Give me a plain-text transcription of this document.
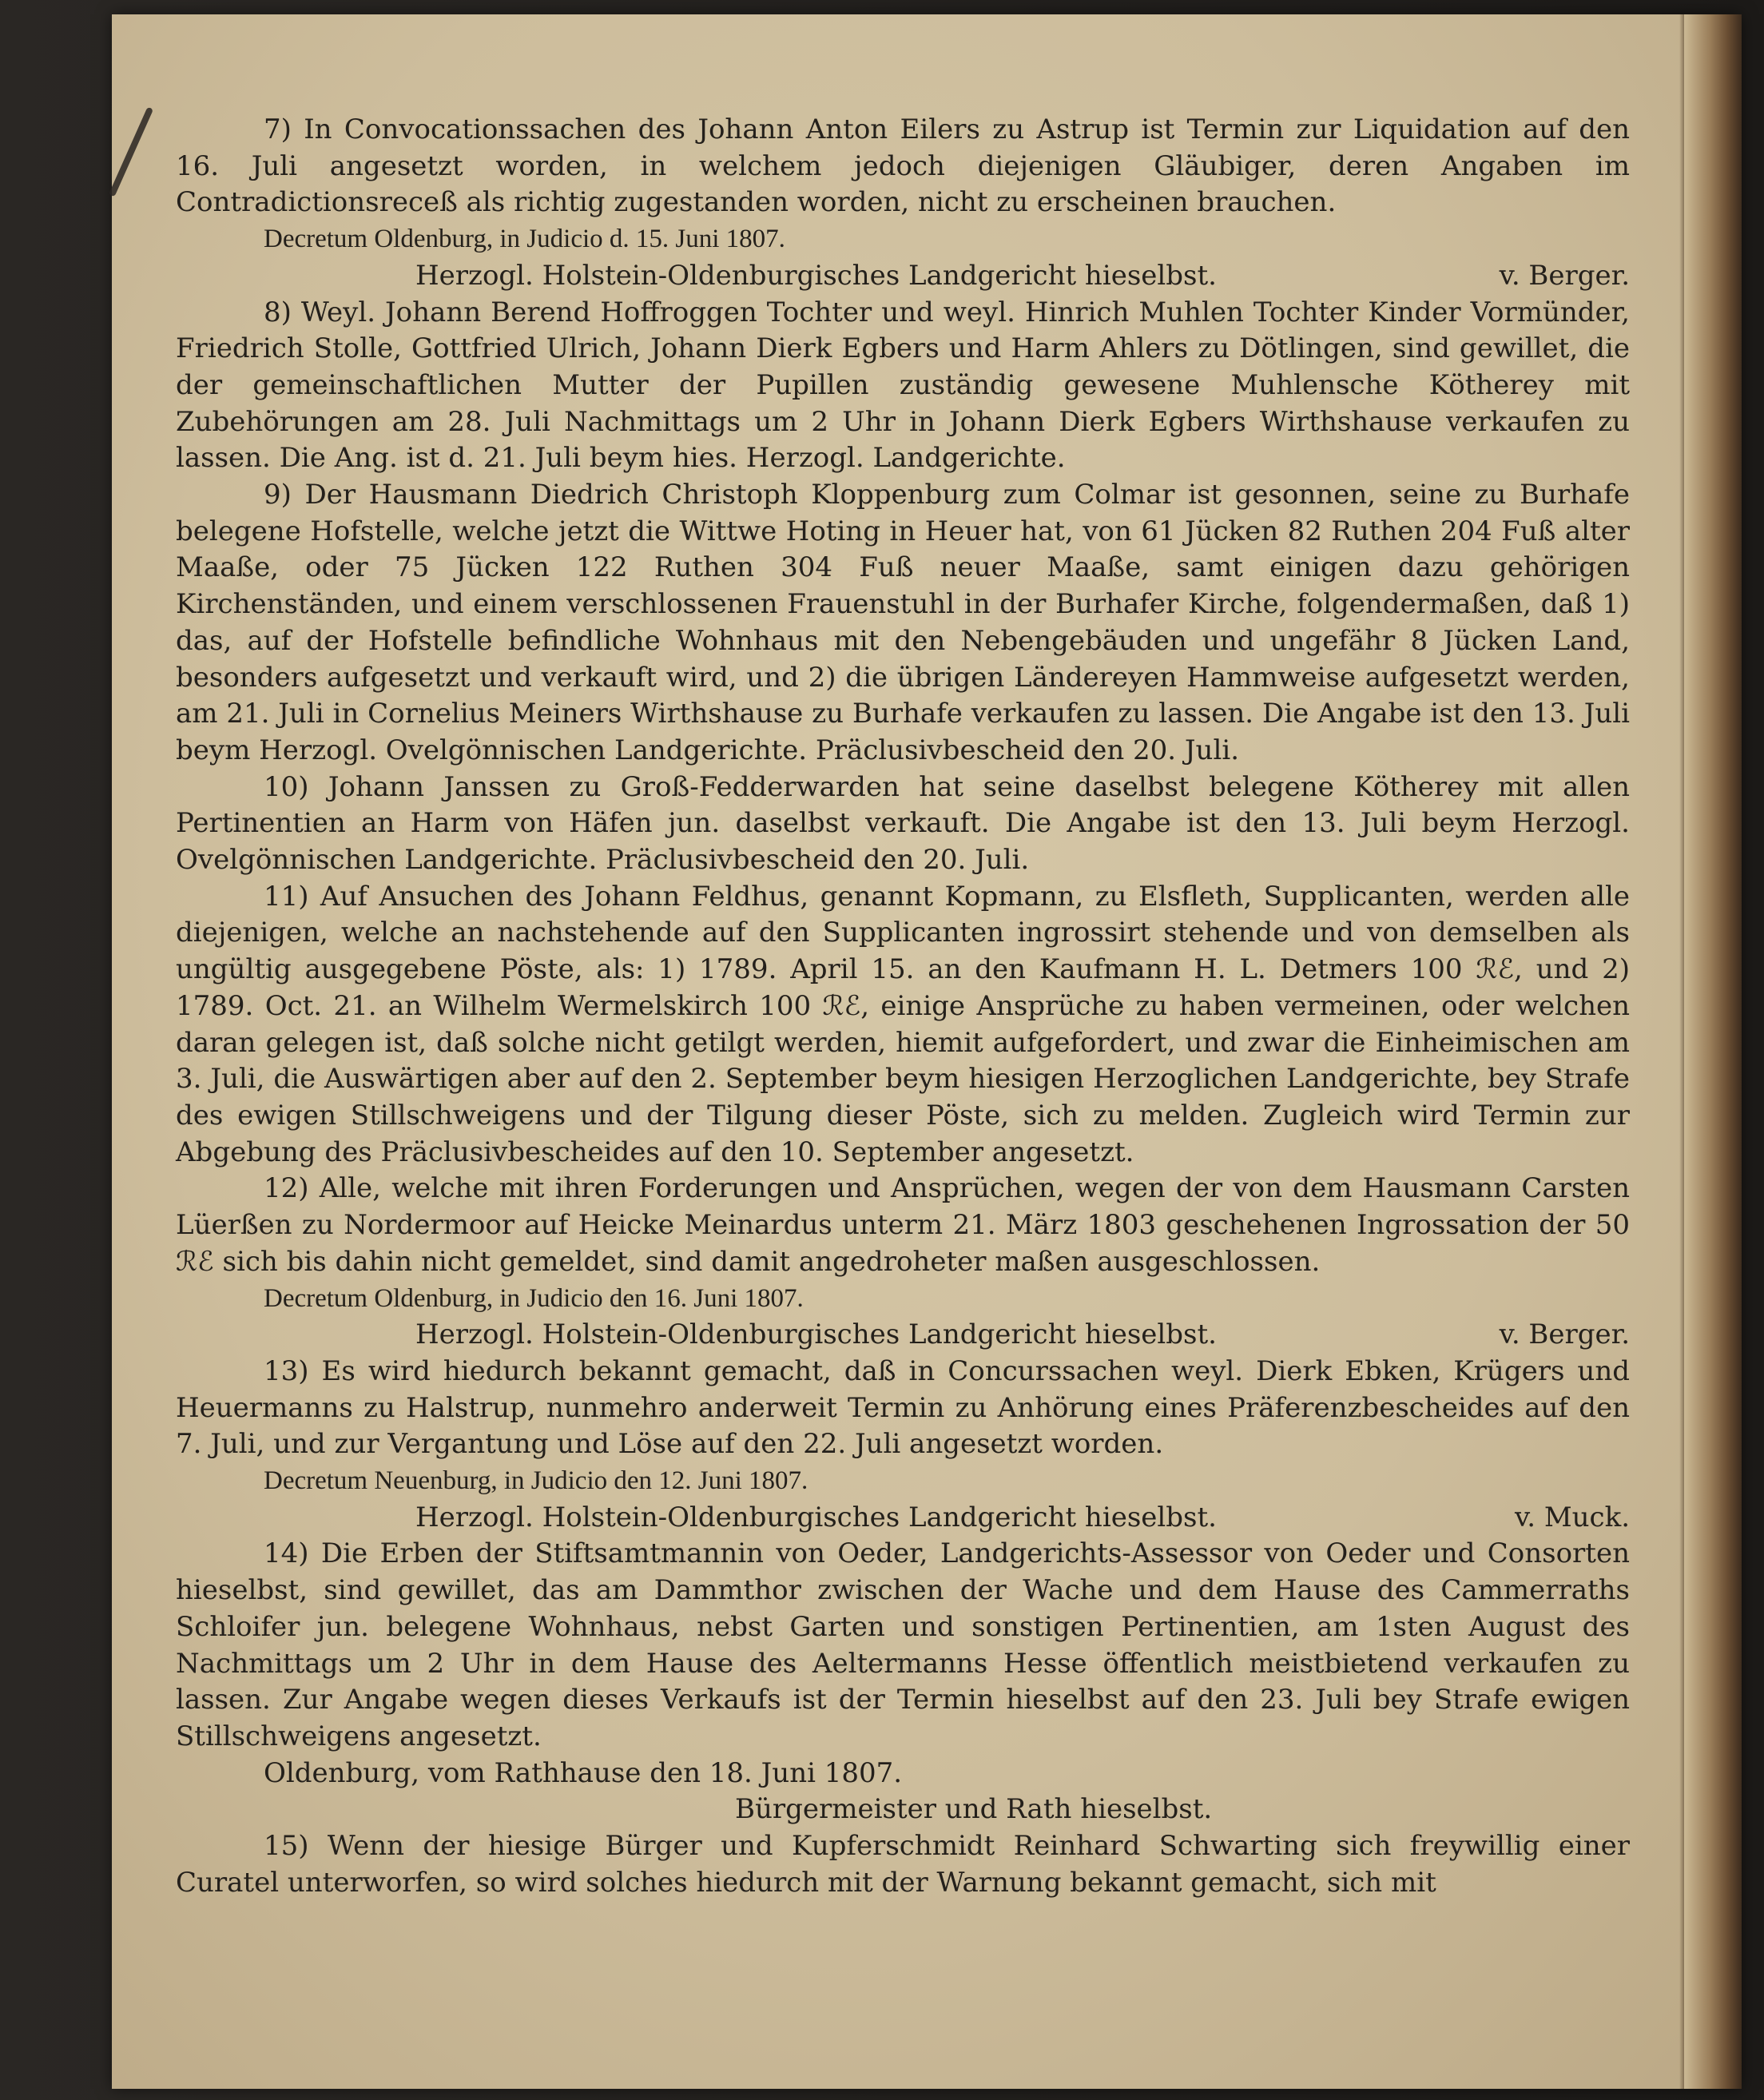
7) In Convocationssachen des Johann Anton Eilers zu Astrup ist Termin zur Liquidation auf den 16. Juli angesetzt worden, in welchem jedoch diejenigen Gläubiger, deren Angaben im Contradictionsreceß als richtig zugestanden worden, nicht zu erscheinen brauchen.

Decretum Oldenburg, in Judicio d. 15. Juni 1807.

Herzogl. Holstein-Oldenburgisches Landgericht hieselbst.	v. Berger.

8) Weyl. Johann Berend Hoffroggen Tochter und weyl. Hinrich Muhlen Tochter Kinder Vormünder, Friedrich Stolle, Gottfried Ulrich, Johann Dierk Egbers und Harm Ahlers zu Dötlingen, sind gewillet, die der gemeinschaftlichen Mutter der Pupillen zuständig gewesene Muhlensche Kötherey mit Zubehörungen am 28. Juli Nachmittags um 2 Uhr in Johann Dierk Egbers Wirthshause verkaufen zu lassen. Die Ang. ist d. 21. Juli beym hies. Herzogl. Landgerichte.

9) Der Hausmann Diedrich Christoph Kloppenburg zum Colmar ist gesonnen, seine zu Burhafe belegene Hofstelle, welche jetzt die Wittwe Hoting in Heuer hat, von 61 Jücken 82 Ruthen 204 Fuß alter Maaße, oder 75 Jücken 122 Ruthen 304 Fuß neuer Maaße, samt einigen dazu gehörigen Kirchenständen, und einem verschlossenen Frauenstuhl in der Burhafer Kirche, folgendermaßen, daß 1) das, auf der Hofstelle befindliche Wohnhaus mit den Nebengebäuden und ungefähr 8 Jücken Land, besonders aufgesetzt und verkauft wird, und 2) die übrigen Ländereyen Hammweise aufgesetzt werden, am 21. Juli in Cornelius Meiners Wirthshause zu Burhafe verkaufen zu lassen. Die Angabe ist den 13. Juli beym Herzogl. Ovelgönnischen Landgerichte. Präclusivbescheid den 20. Juli.

10) Johann Janssen zu Groß-Fedderwarden hat seine daselbst belegene Kötherey mit allen Pertinentien an Harm von Häfen jun. daselbst verkauft. Die Angabe ist den 13. Juli beym Herzogl. Ovelgönnischen Landgerichte. Präclusivbescheid den 20. Juli.

11) Auf Ansuchen des Johann Feldhus, genannt Kopmann, zu Elsfleth, Supplicanten, werden alle diejenigen, welche an nachstehende auf den Supplicanten ingrossirt stehende und von demselben als ungültig ausgegebene Pöste, als: 1) 1789. April 15. an den Kaufmann H. L. Detmers 100 ℛℰ, und 2) 1789. Oct. 21. an Wilhelm Wermelskirch 100 ℛℰ, einige Ansprüche zu haben vermeinen, oder welchen daran gelegen ist, daß solche nicht getilgt werden, hiemit aufgefordert, und zwar die Einheimischen am 3. Juli, die Auswärtigen aber auf den 2. September beym hiesigen Herzoglichen Landgerichte, bey Strafe des ewigen Stillschweigens und der Tilgung dieser Pöste, sich zu melden. Zugleich wird Termin zur Abgebung des Präclusivbescheides auf den 10. September angesetzt.

12) Alle, welche mit ihren Forderungen und Ansprüchen, wegen der von dem Hausmann Carsten Lüerßen zu Nordermoor auf Heicke Meinardus unterm 21. März 1803 geschehenen Ingrossation der 50 ℛℰ sich bis dahin nicht gemeldet, sind damit angedroheter maßen ausgeschlossen.

Decretum Oldenburg, in Judicio den 16. Juni 1807.

Herzogl. Holstein-Oldenburgisches Landgericht hieselbst.	v. Berger.

13) Es wird hiedurch bekannt gemacht, daß in Concurssachen weyl. Dierk Ebken, Krügers und Heuermanns zu Halstrup, nunmehro anderweit Termin zu Anhörung eines Präferenzbescheides auf den 7. Juli, und zur Vergantung und Löse auf den 22. Juli angesetzt worden.

Decretum Neuenburg, in Judicio den 12. Juni 1807.

Herzogl. Holstein-Oldenburgisches Landgericht hieselbst.	v. Muck.

14) Die Erben der Stiftsamtmannin von Oeder, Landgerichts-Assessor von Oeder und Consorten hieselbst, sind gewillet, das am Dammthor zwischen der Wache und dem Hause des Cammerraths Schloifer jun. belegene Wohnhaus, nebst Garten und sonstigen Pertinentien, am 1sten August des Nachmittags um 2 Uhr in dem Hause des Aeltermanns Hesse öffentlich meistbietend verkaufen zu lassen. Zur Angabe wegen dieses Verkaufs ist der Termin hieselbst auf den 23. Juli bey Strafe ewigen Stillschweigens angesetzt.

Oldenburg, vom Rathhause den 18. Juni 1807.

Bürgermeister und Rath hieselbst.

15) Wenn der hiesige Bürger und Kupferschmidt Reinhard Schwarting sich freywillig einer Curatel unterworfen, so wird solches hiedurch mit der Warnung bekannt gemacht, sich mit
